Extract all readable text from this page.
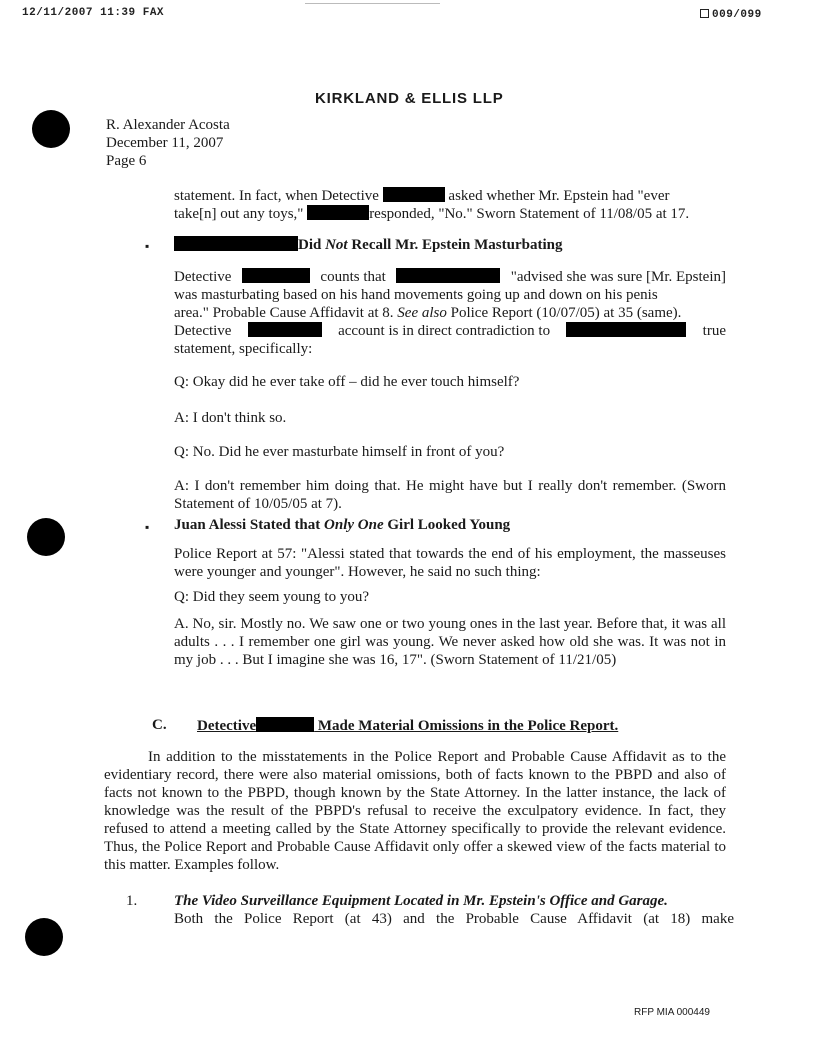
12/11/2007 11:39 FAX	009/099
KIRKLAND & ELLIS LLP
R. Alexander Acosta
December 11, 2007
Page 6
statement. In fact, when Detective	asked whether Mr. Epstein had "ever
take[n] out any toys,"	responded, "No." Sworn Statement of 11/08/05 at 17.
▪	Did Not Recall Mr. Epstein Masturbating
Detective	counts that	"advised she was sure [Mr. Epstein]
was masturbating based on his hand movements going up and down on his penis
area." Probable Cause Affidavit at 8. See also Police Report (10/07/05) at 35 (same).
Detective	account is in direct contradiction to	true
statement, specifically:
Q: Okay did he ever take off – did he ever touch himself?
A: I don't think so.
Q: No. Did he ever masturbate himself in front of you?
A: I don't remember him doing that. He might have but I really don't remember. (Sworn Statement of 10/05/05 at 7).
▪ Juan Alessi Stated that Only One Girl Looked Young
Police Report at 57: "Alessi stated that towards the end of his employment, the masseuses were younger and younger". However, he said no such thing:
Q: Did they seem young to you?
A. No, sir. Mostly no. We saw one or two young ones in the last year. Before that, it was all adults . . . I remember one girl was young. We never asked how old she was. It was not in my job . . . But I imagine she was 16, 17". (Sworn Statement of 11/21/05)
C. Detective	Made Material Omissions in the Police Report.
In addition to the misstatements in the Police Report and Probable Cause Affidavit as to the evidentiary record, there were also material omissions, both of facts known to the PBPD and also of facts not known to the PBPD, though known by the State Attorney. In the latter instance, the lack of knowledge was the result of the PBPD's refusal to receive the exculpatory evidence. In fact, they refused to attend a meeting called by the State Attorney specifically to provide the relevant evidence. Thus, the Police Report and Probable Cause Affidavit only offer a skewed view of the facts material to this matter. Examples follow.
1. The Video Surveillance Equipment Located in Mr. Epstein's Office and Garage.
Both the Police Report (at 43) and the Probable Cause Affidavit (at 18) make
RFP MIA 000449
